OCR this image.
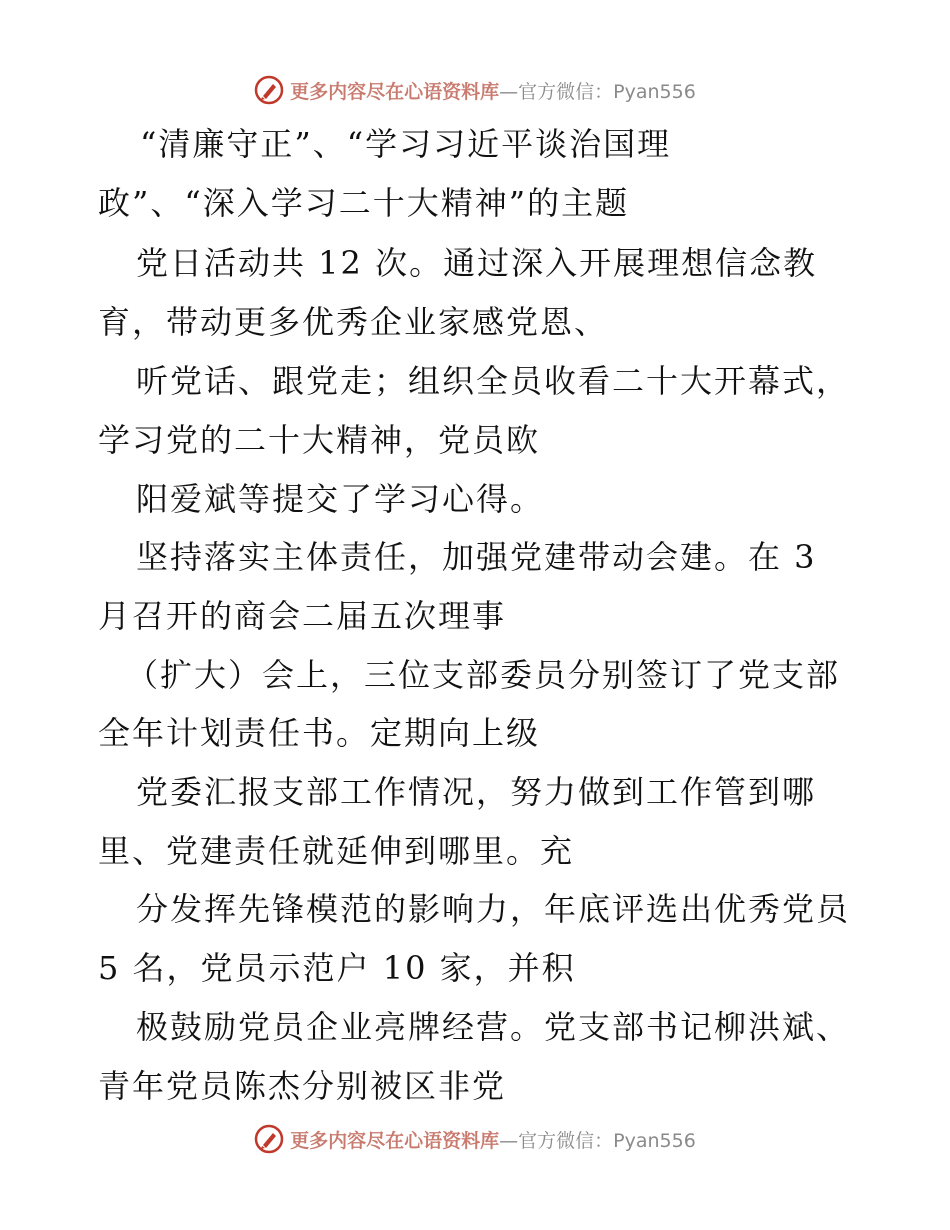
更多内容尽在心语资料库 —官方微信：Pyan556
“清廉守正”、“学习习近平谈治国理
政”、“深入学习二十大精神”的主题
党日活动共 12 次。通过深入开展理想信念教
育，带动更多优秀企业家感党恩、
听党话、跟党走；组织全员收看二十大开幕式，
学习党的二十大精神，党员欧
阳爱斌等提交了学习心得。
坚持落实主体责任，加强党建带动会建。在 3
月召开的商会二届五次理事
（扩大）会上，三位支部委员分别签订了党支部
全年计划责任书。定期向上级
党委汇报支部工作情况，努力做到工作管到哪
里、党建责任就延伸到哪里。充
分发挥先锋模范的影响力，年底评选出优秀党员
5 名，党员示范户 10 家，并积
极鼓励党员企业亮牌经营。党支部书记柳洪斌、
青年党员陈杰分别被区非党
更多内容尽在心语资料库 —官方微信：Pyan556
